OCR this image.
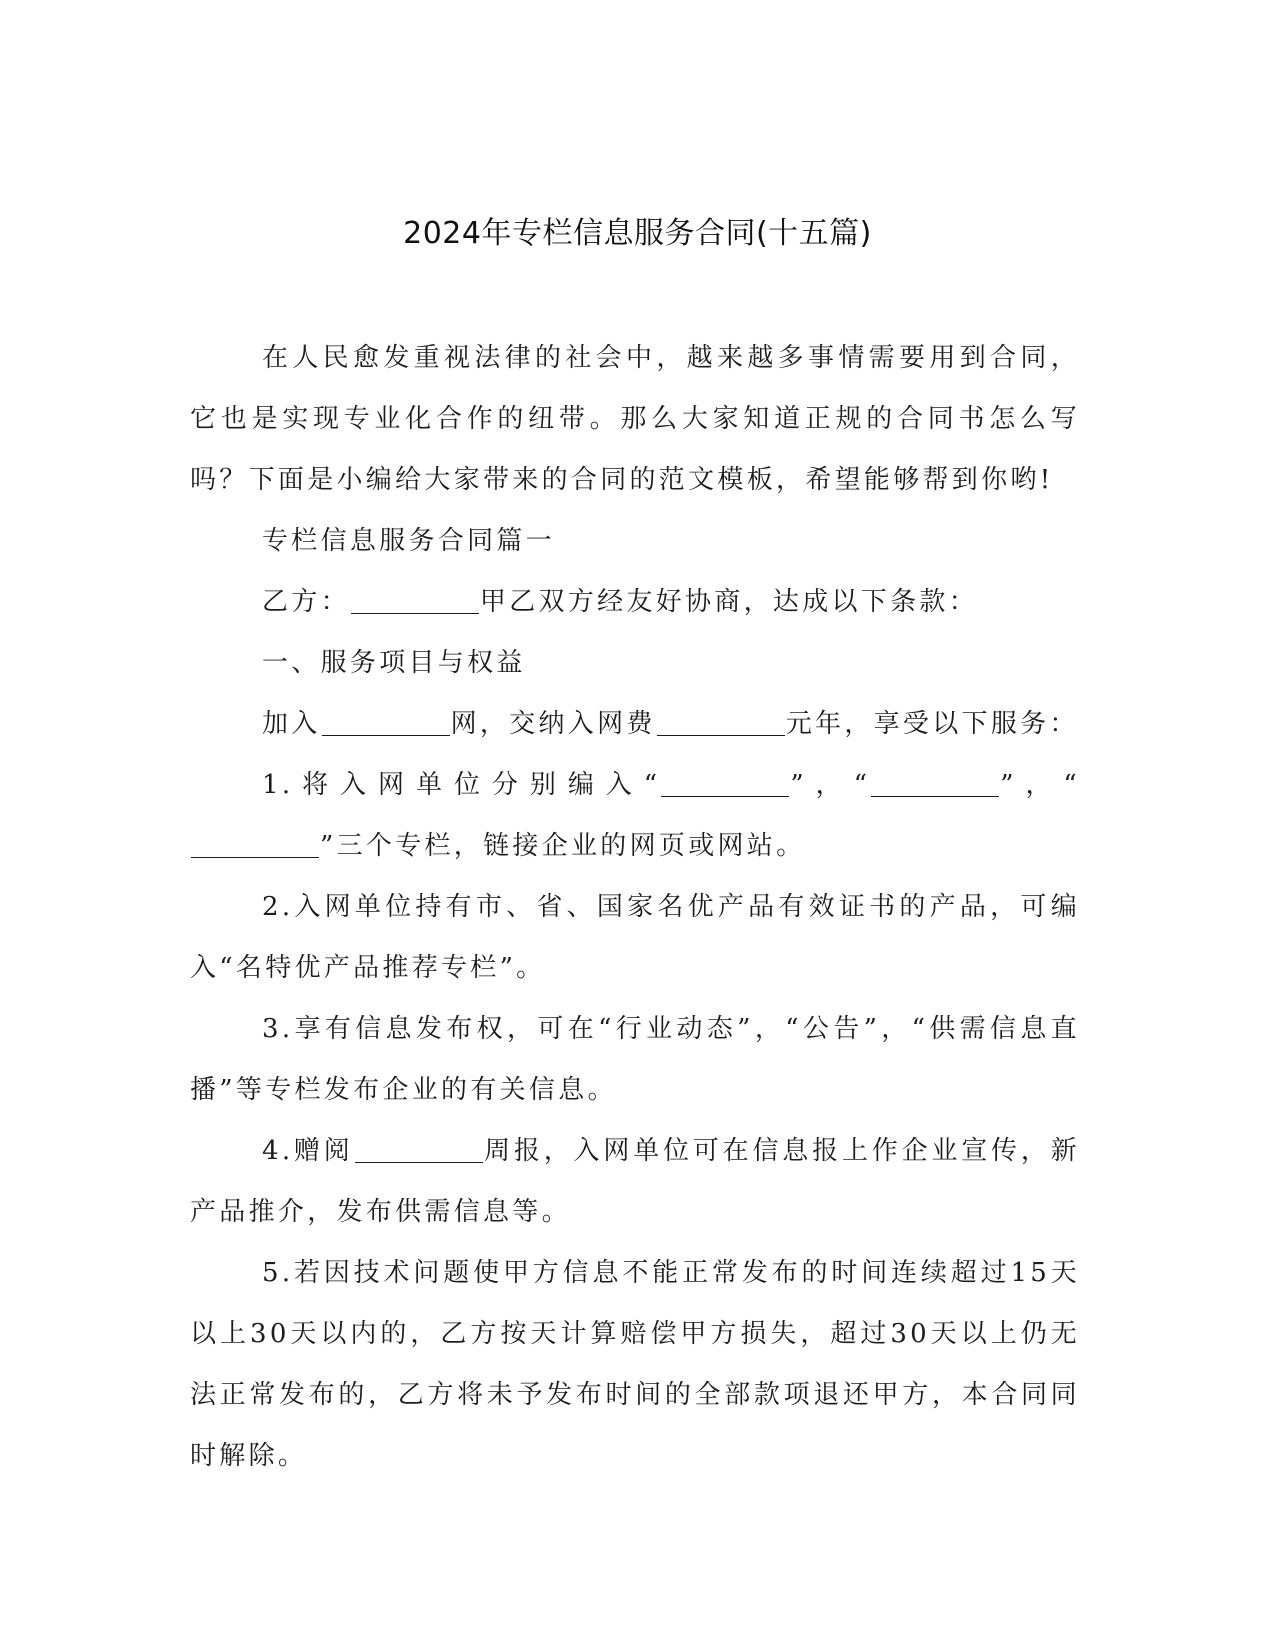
2024年专栏信息服务合同(十五篇)

在人民愈发重视法律的社会中，越来越多事情需要用到合同，它也是实现专业化合作的纽带。那么大家知道正规的合同书怎么写吗？下面是小编给大家带来的合同的范文模板，希望能够帮到你哟!

专栏信息服务合同篇一

乙方：	甲乙双方经友好协商，达成以下条款：

一、服务项目与权益

加入	网，交纳入网费	元年，享受以下服务：

1.将入网单位分别编入“	”，“	”，“”三个专栏，链接企业的网页或网站。

2.入网单位持有市、省、国家名优产品有效证书的产品，可编入“名特优产品推荐专栏”。

3.享有信息发布权，可在“行业动态”，“公告”，“供需信息直播”等专栏发布企业的有关信息。

4.赠阅	周报，入网单位可在信息报上作企业宣传，新产品推介，发布供需信息等。

5.若因技术问题使甲方信息不能正常发布的时间连续超过15天以上30天以内的，乙方按天计算赔偿甲方损失，超过30天以上仍无法正常发布的，乙方将未予发布时间的全部款项退还甲方，本合同同时解除。
